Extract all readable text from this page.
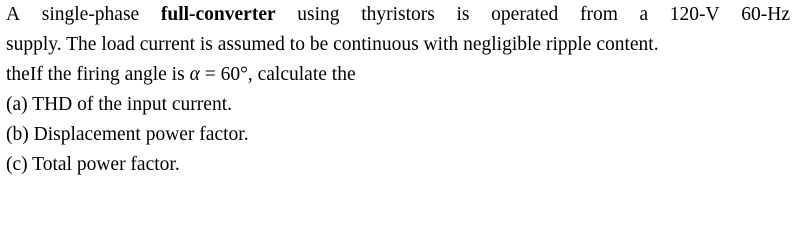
A single-phase full-converter using thyristors is operated from a 120-V 60-Hz
supply. The load current is assumed to be continuous with negligible ripple content.
theIf the firing angle is α = 60°, calculate the
(a) THD of the input current.
(b) Displacement power factor.
(c) Total power factor.
